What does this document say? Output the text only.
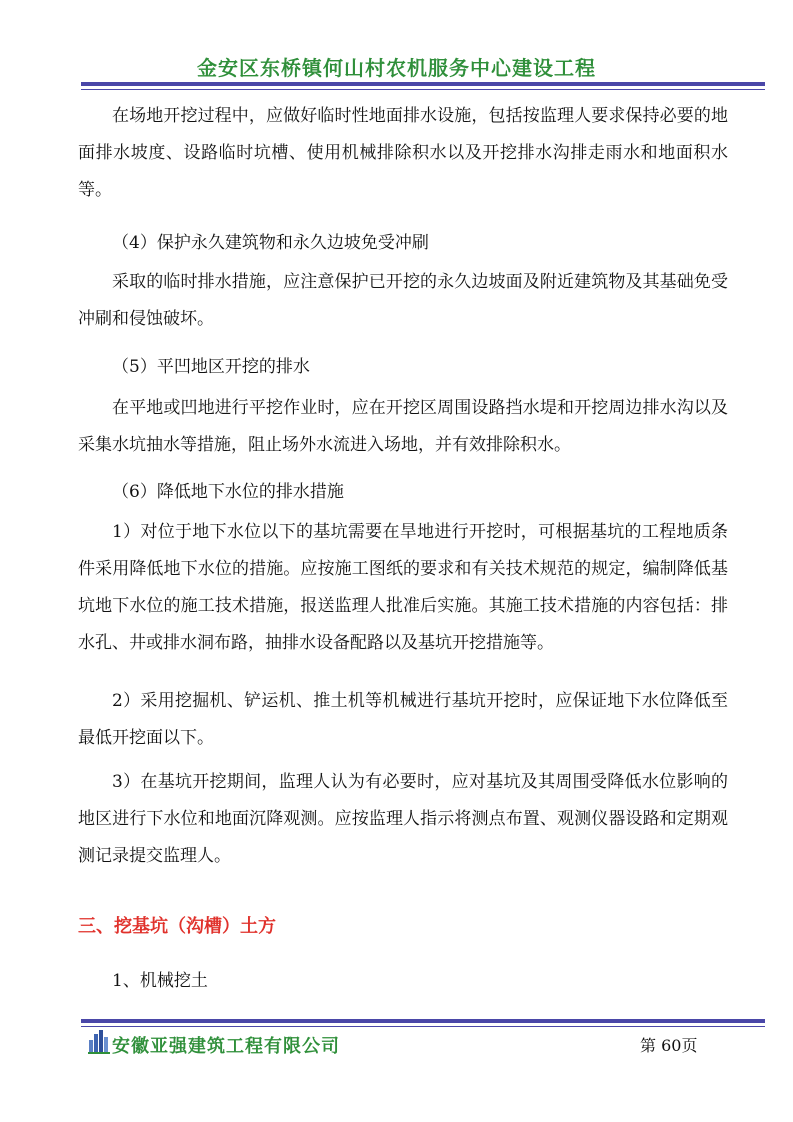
金安区东桥镇何山村农机服务中心建设工程
在场地开挖过程中，应做好临时性地面排水设施，包括按监理人要求保持必要的地面排水坡度、设路临时坑槽、使用机械排除积水以及开挖排水沟排走雨水和地面积水等。
（4）保护永久建筑物和永久边坡免受冲刷
采取的临时排水措施，应注意保护已开挖的永久边坡面及附近建筑物及其基础免受冲刷和侵蚀破坏。
（5）平凹地区开挖的排水
在平地或凹地进行平挖作业时，应在开挖区周围设路挡水堤和开挖周边排水沟以及采集水坑抽水等措施，阻止场外水流进入场地，并有效排除积水。
（6）降低地下水位的排水措施
1）对位于地下水位以下的基坑需要在旱地进行开挖时，可根据基坑的工程地质条件采用降低地下水位的措施。应按施工图纸的要求和有关技术规范的规定，编制降低基坑地下水位的施工技术措施，报送监理人批准后实施。其施工技术措施的内容包括：排水孔、井或排水洞布路，抽排水设备配路以及基坑开挖措施等。
2）采用挖掘机、铲运机、推土机等机械进行基坑开挖时，应保证地下水位降低至最低开挖面以下。
3）在基坑开挖期间，监理人认为有必要时，应对基坑及其周围受降低水位影响的地区进行下水位和地面沉降观测。应按监理人指示将测点布置、观测仪器设路和定期观测记录提交监理人。
三、挖基坑（沟槽）土方
1、机械挖土
安徽亚强建筑工程有限公司	第 60页
